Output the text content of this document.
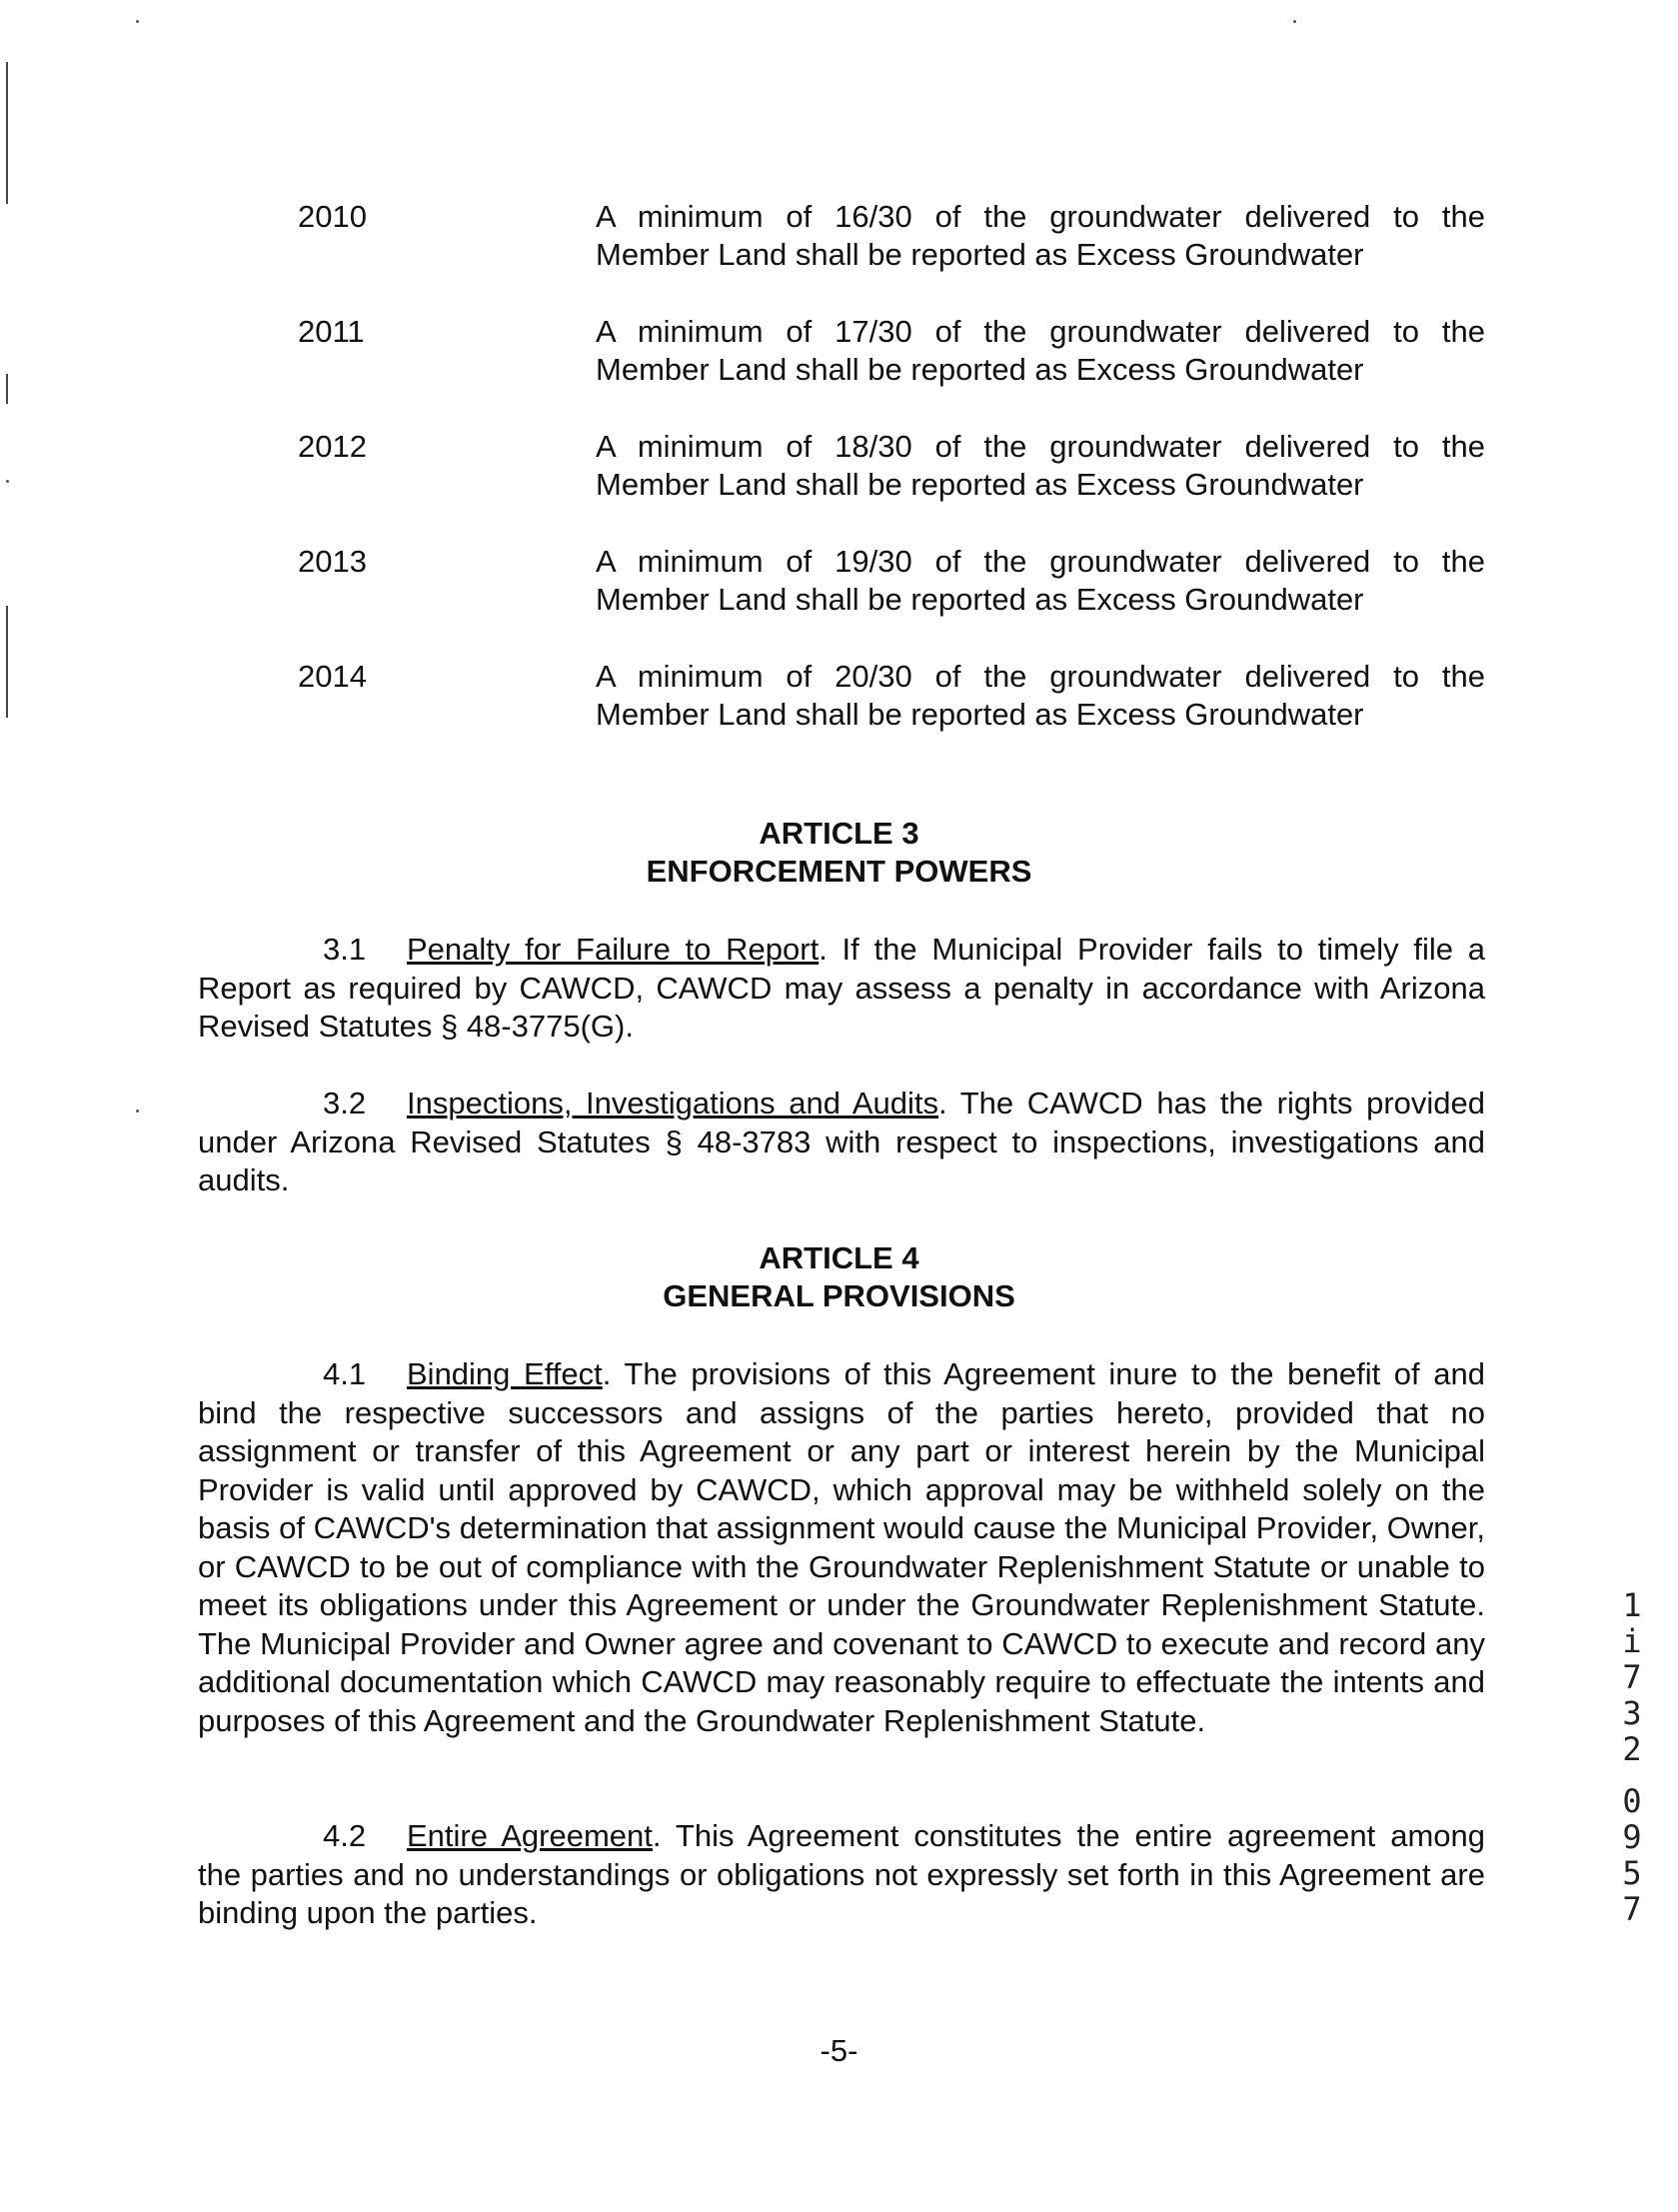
2010	A minimum of 16/30 of the groundwater delivered to the
Member Land shall be reported as Excess Groundwater
2011	A minimum of 17/30 of the groundwater delivered to the
Member Land shall be reported as Excess Groundwater
2012	A minimum of 18/30 of the groundwater delivered to the
Member Land shall be reported as Excess Groundwater
2013	A minimum of 19/30 of the groundwater delivered to the
Member Land shall be reported as Excess Groundwater
2014	A minimum of 20/30 of the groundwater delivered to the
Member Land shall be reported as Excess Groundwater
ARTICLE 3
ENFORCEMENT POWERS
3.1 Penalty for Failure to Report. If the Municipal Provider fails to timely file a Report as required by CAWCD, CAWCD may assess a penalty in accordance with Arizona Revised Statutes § 48-3775(G).
3.2 Inspections, Investigations and Audits. The CAWCD has the rights provided under Arizona Revised Statutes § 48-3783 with respect to inspections, investigations and audits.
ARTICLE 4
GENERAL PROVISIONS
4.1 Binding Effect. The provisions of this Agreement inure to the benefit of and bind the respective successors and assigns of the parties hereto, provided that no assignment or transfer of this Agreement or any part or interest herein by the Municipal Provider is valid until approved by CAWCD, which approval may be withheld solely on the basis of CAWCD's determination that assignment would cause the Municipal Provider, Owner, or CAWCD to be out of compliance with the Groundwater Replenishment Statute or unable to meet its obligations under this Agreement or under the Groundwater Replenishment Statute. The Municipal Provider and Owner agree and covenant to CAWCD to execute and record any additional documentation which CAWCD may reasonably require to effectuate the intents and purposes of this Agreement and the Groundwater Replenishment Statute.
4.2 Entire Agreement. This Agreement constitutes the entire agreement among the parties and no understandings or obligations not expressly set forth in this Agreement are binding upon the parties.
1
i
7
3
2
0
9
5
7
-5-
